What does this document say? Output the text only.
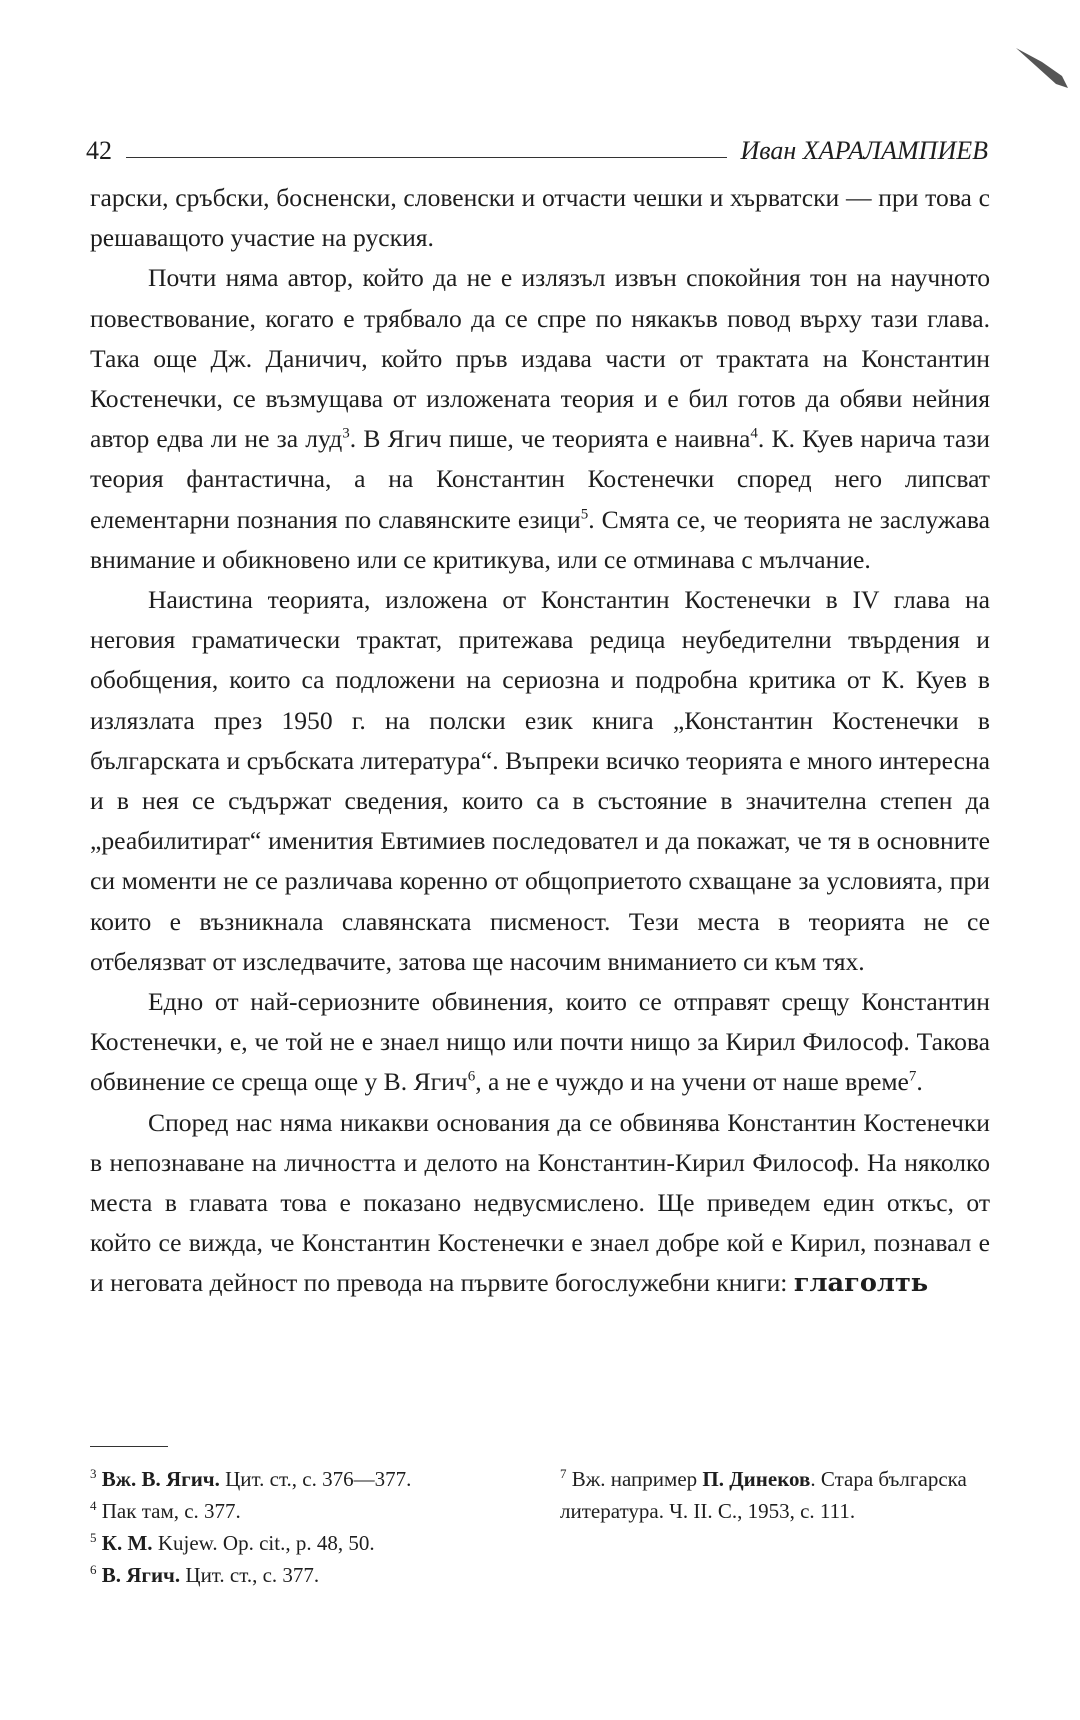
42	Иван ХАРАЛАМПИЕВ

гарски, сръбски, босненски, словенски и отчасти чешки и хърватски — при това с решаващото участие на руския.

Почти няма автор, който да не е излязъл извън спокойния тон на научното повествование, когато е трябвало да се спре по някакъв повод върху тази глава. Така още Дж. Даничич, който пръв издава части от трактата на Константин Костенечки, се възмущава от изложената теория и е бил готов да обяви нейния автор едва ли не за луд$^3$. В Ягич пише, че теорията е наивна$^4$. К. Куев нарича тази теория фантастична, а на Константин Костенечки според него липсват елементарни познания по славянските езици$^5$. Смята се, че теорията не заслужава внимание и обикновено или се критикува, или се отминава с мълчание.

Наистина теорията, изложена от Константин Костенечки в IV глава на неговия граматически трактат, притежава редица неубедителни твърдения и обобщения, които са подложени на сериозна и подробна критика от К. Куев в излязлата през 1950 г. на полски език книга „Константин Костенечки в българската и сръбската литература“. Въпреки всичко теорията е много интересна и в нея се съдържат сведения, които са в състояние в значителна степен да „реабилитират“ именития Евтимиев последовател и да покажат, че тя в основните си моменти не се различава коренно от общоприетото схващане за условията, при които е възникнала славянската писменост. Тези места в теорията не се отбелязват от изследвачите, затова ще насочим вниманието си към тях.

Едно от най-сериозните обвинения, които се отправят срещу Константин Костенечки, е, че той не е знаел нищо или почти нищо за Кирил Философ. Такова обвинение се среща още у В. Ягич$^6$, а не е чуждо и на учени от наше време$^7$.

Според нас няма никакви основания да се обвинява Константин Костенечки в непознаване на личността и делото на Константин-Кирил Философ. На няколко места в главата това е показано недвусмислено. Ще приведем един откъс, от който се вижда, че Константин Костенечки е знаел добре кой е Кирил, познавал е и неговата дейност по превода на първите богослужебни книги: глаголть

$^3$ Вж. В. Ягич. Цит. ст., с. 376—377.

$^4$ Пак там, с. 377.

$^5$ К. М. Kujew. Op. cit., p. 48, 50.

$^6$ В. Ягич. Цит. ст., с. 377.

$^7$ Вж. например П. Динеков. Стара българска литература. Ч. II. С., 1953, с. 111.
